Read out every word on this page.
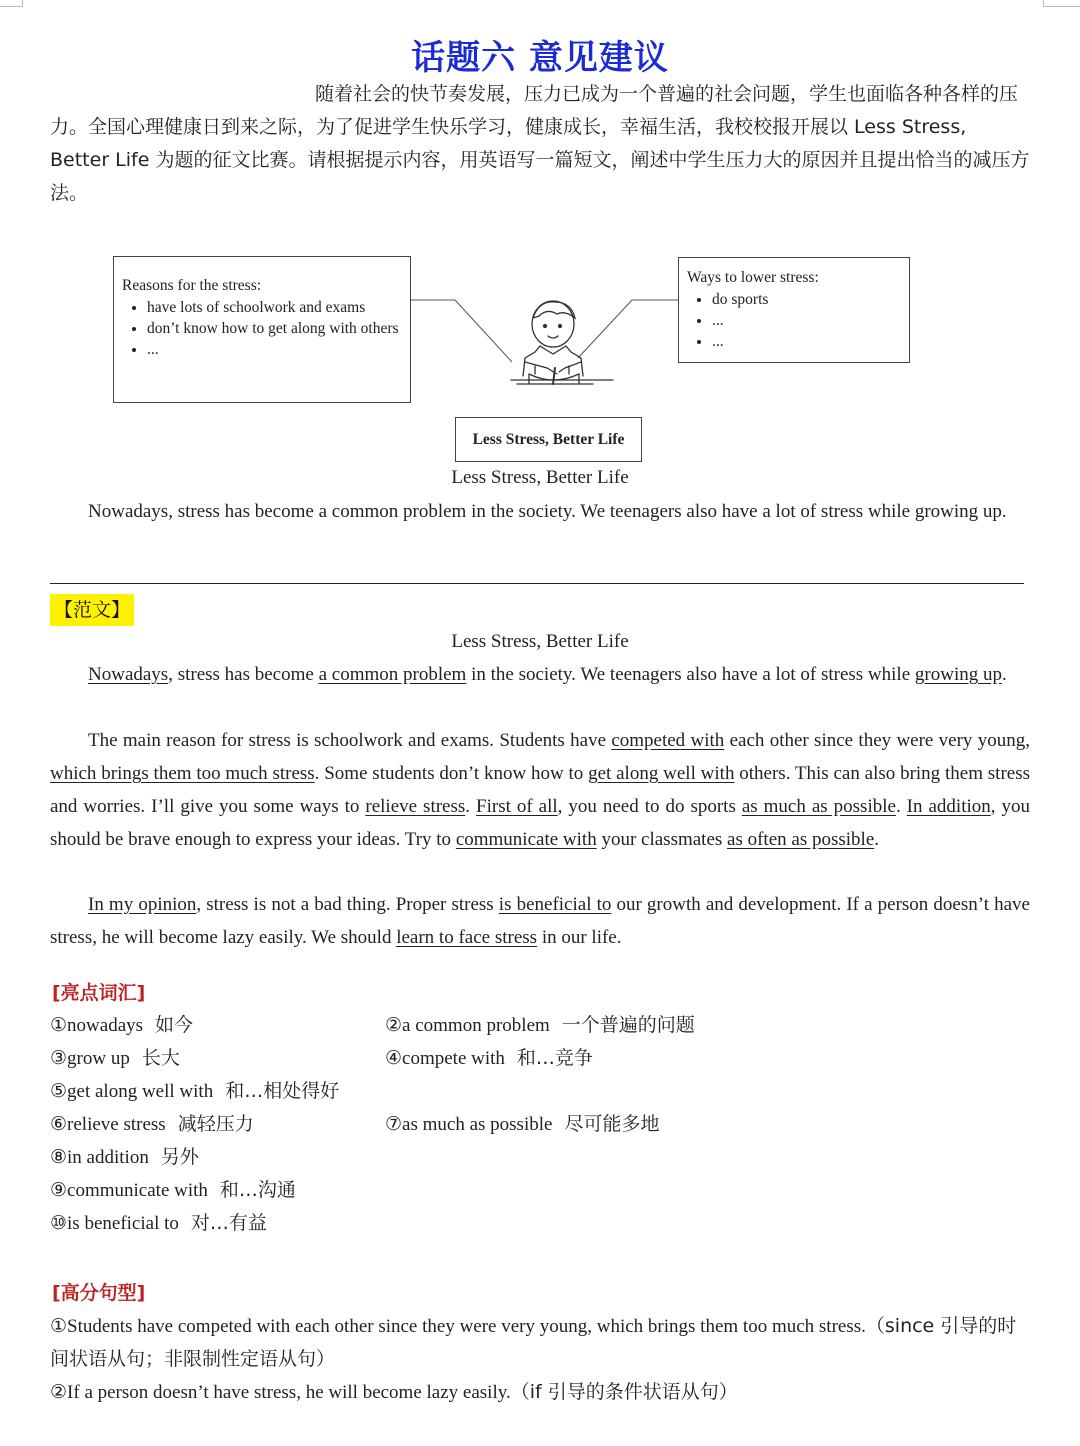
话题六 意见建议

随着社会的快节奏发展，压力已成为一个普遍的社会问题，学生也面临各种各样的压力。全国心理健康日到来之际，为了促进学生快乐学习，健康成长，幸福生活，我校校报开展以 Less Stress, Better Life 为题的征文比赛。请根据提示内容，用英语写一篇短文，阐述中学生压力大的原因并且提出恰当的减压方法。

Reasons for the stress:
• have lots of schoolwork and exams
• don’t know how to get along with others
• ...
Ways to lower stress:
• do sports
• ...
• ...
Less Stress, Better Life

Less Stress, Better Life

Nowadays, stress has become a common problem in the society. We teenagers also have a lot of stress while growing up.

【范文】

Less Stress, Better Life

Nowadays, stress has become a common problem in the society. We teenagers also have a lot of stress while growing up.

The main reason for stress is schoolwork and exams. Students have competed with each other since they were very young, which brings them too much stress. Some students don’t know how to get along well with others. This can also bring them stress and worries. I’ll give you some ways to relieve stress. First of all, you need to do sports as much as possible. In addition, you should be brave enough to express your ideas. Try to communicate with your classmates as often as possible.

In my opinion, stress is not a bad thing. Proper stress is beneficial to our growth and development. If a person doesn’t have stress, he will become lazy easily. We should learn to face stress in our life.

[亮点词汇]

①nowadays 如今	②a common problem 一个普遍的问题
③grow up 长大	④compete with 和…竞争
⑤get along well with 和…相处得好
⑥relieve stress 减轻压力	⑦as much as possible 尽可能多地
⑧in addition 另外
⑨communicate with 和…沟通
⑩is beneficial to 对…有益

[高分句型]

①Students have competed with each other since they were very young, which brings them too much stress.（since 引导的时间状语从句；非限制性定语从句）

②If a person doesn’t have stress, he will become lazy easily.（if 引导的条件状语从句）
